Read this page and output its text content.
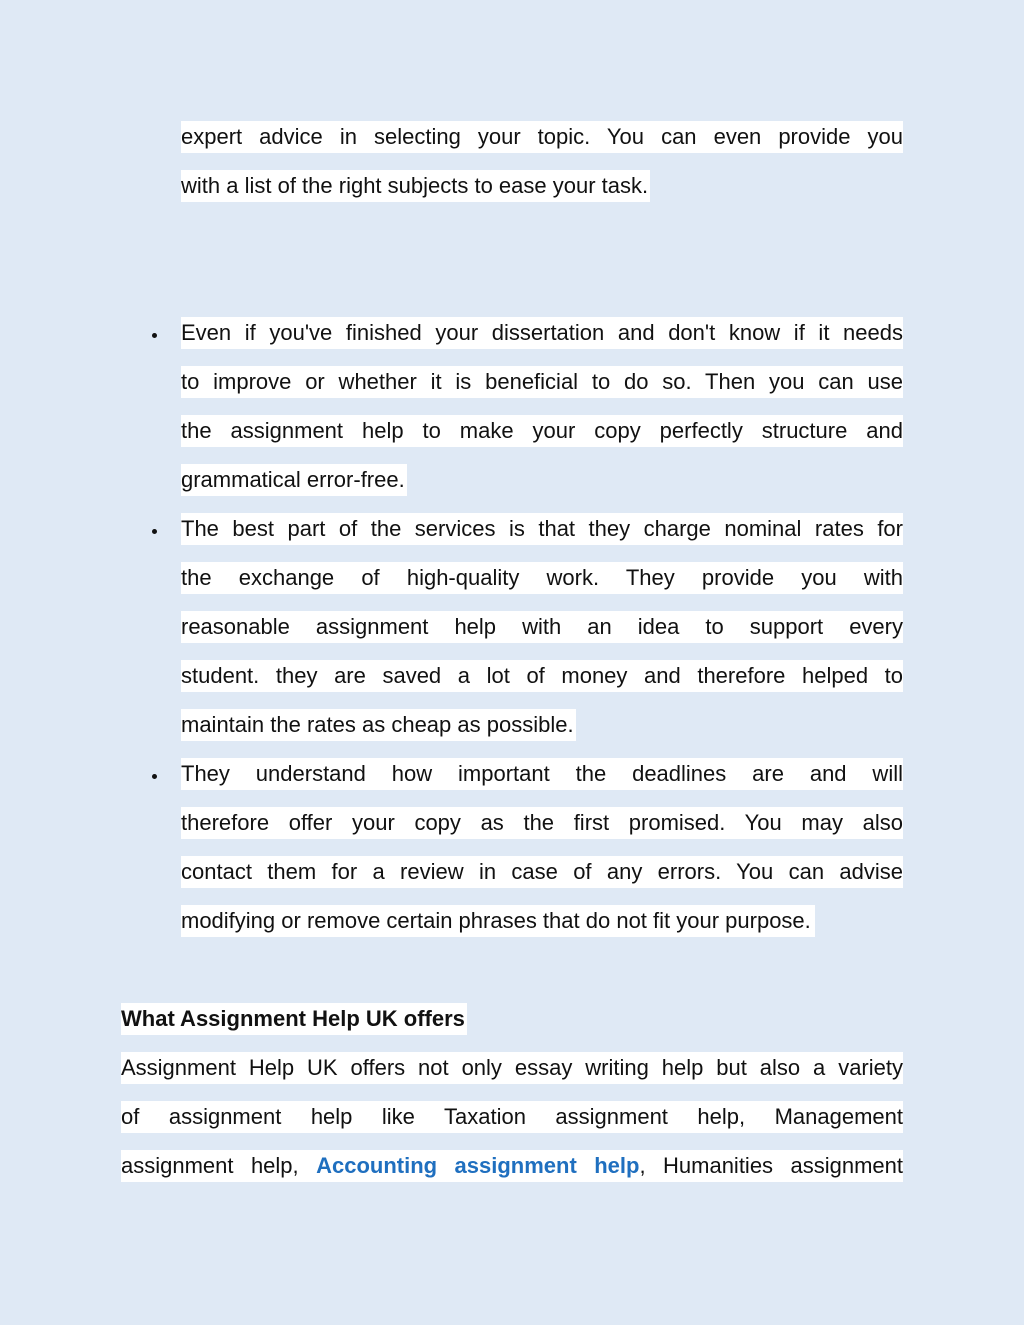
expert advice in selecting your topic. You can even provide you
with a list of the right subjects to ease your task.
Even if you've finished your dissertation and don't know if it needs
to improve or whether it is beneficial to do so. Then you can use
the assignment help to make your copy perfectly structure and
grammatical error-free.
The best part of the services is that they charge nominal rates for
the exchange of high-quality work. They provide you with
reasonable assignment help with an idea to support every
student. they are saved a lot of money and therefore helped to
maintain the rates as cheap as possible.
They understand how important the deadlines are and will
therefore offer your copy as the first promised. You may also
contact them for a review in case of any errors. You can advise
modifying or remove certain phrases that do not fit your purpose.
What Assignment Help UK offers
Assignment Help UK offers not only essay writing help but also a variety
of assignment help like Taxation assignment help, Management
assignment help, Accounting assignment help, Humanities assignment
